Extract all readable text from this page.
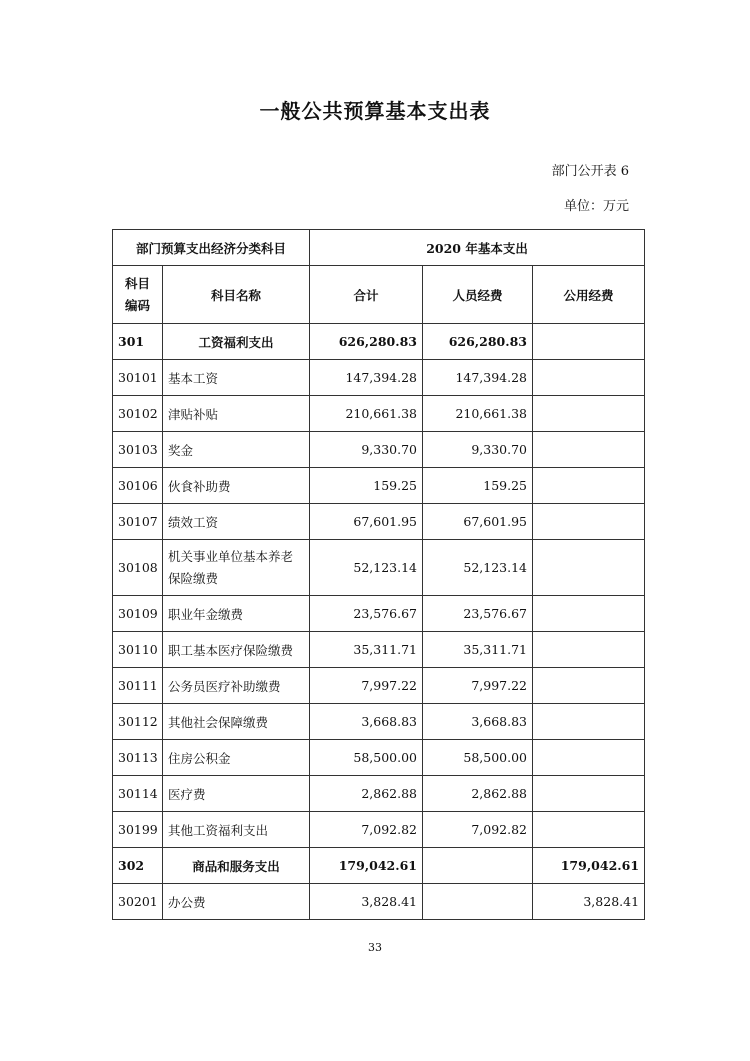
一般公共预算基本支出表
部门公开表 6
单位：万元
部门预算支出经济分类科目		2020 年基本支出		
科目
编码	科目名称	合计	人员经费	公用经费
301	工资福利支出	626,280.83	626,280.83	
30101	基本工资	147,394.28	147,394.28	
30102	津贴补贴	210,661.38	210,661.38	
30103	奖金	9,330.70	9,330.70	
30106	伙食补助费	159.25	159.25	
30107	绩效工资	67,601.95	67,601.95	
30108	机关事业单位基本养老保险缴费	52,123.14	52,123.14	
30109	职业年金缴费	23,576.67	23,576.67	
30110	职工基本医疗保险缴费	35,311.71	35,311.71	
30111	公务员医疗补助缴费	7,997.22	7,997.22	
30112	其他社会保障缴费	3,668.83	3,668.83	
30113	住房公积金	58,500.00	58,500.00	
30114	医疗费	2,862.88	2,862.88	
30199	其他工资福利支出	7,092.82	7,092.82	
302	商品和服务支出	179,042.61		179,042.61
30201	办公费	3,828.41		3,828.41
33
